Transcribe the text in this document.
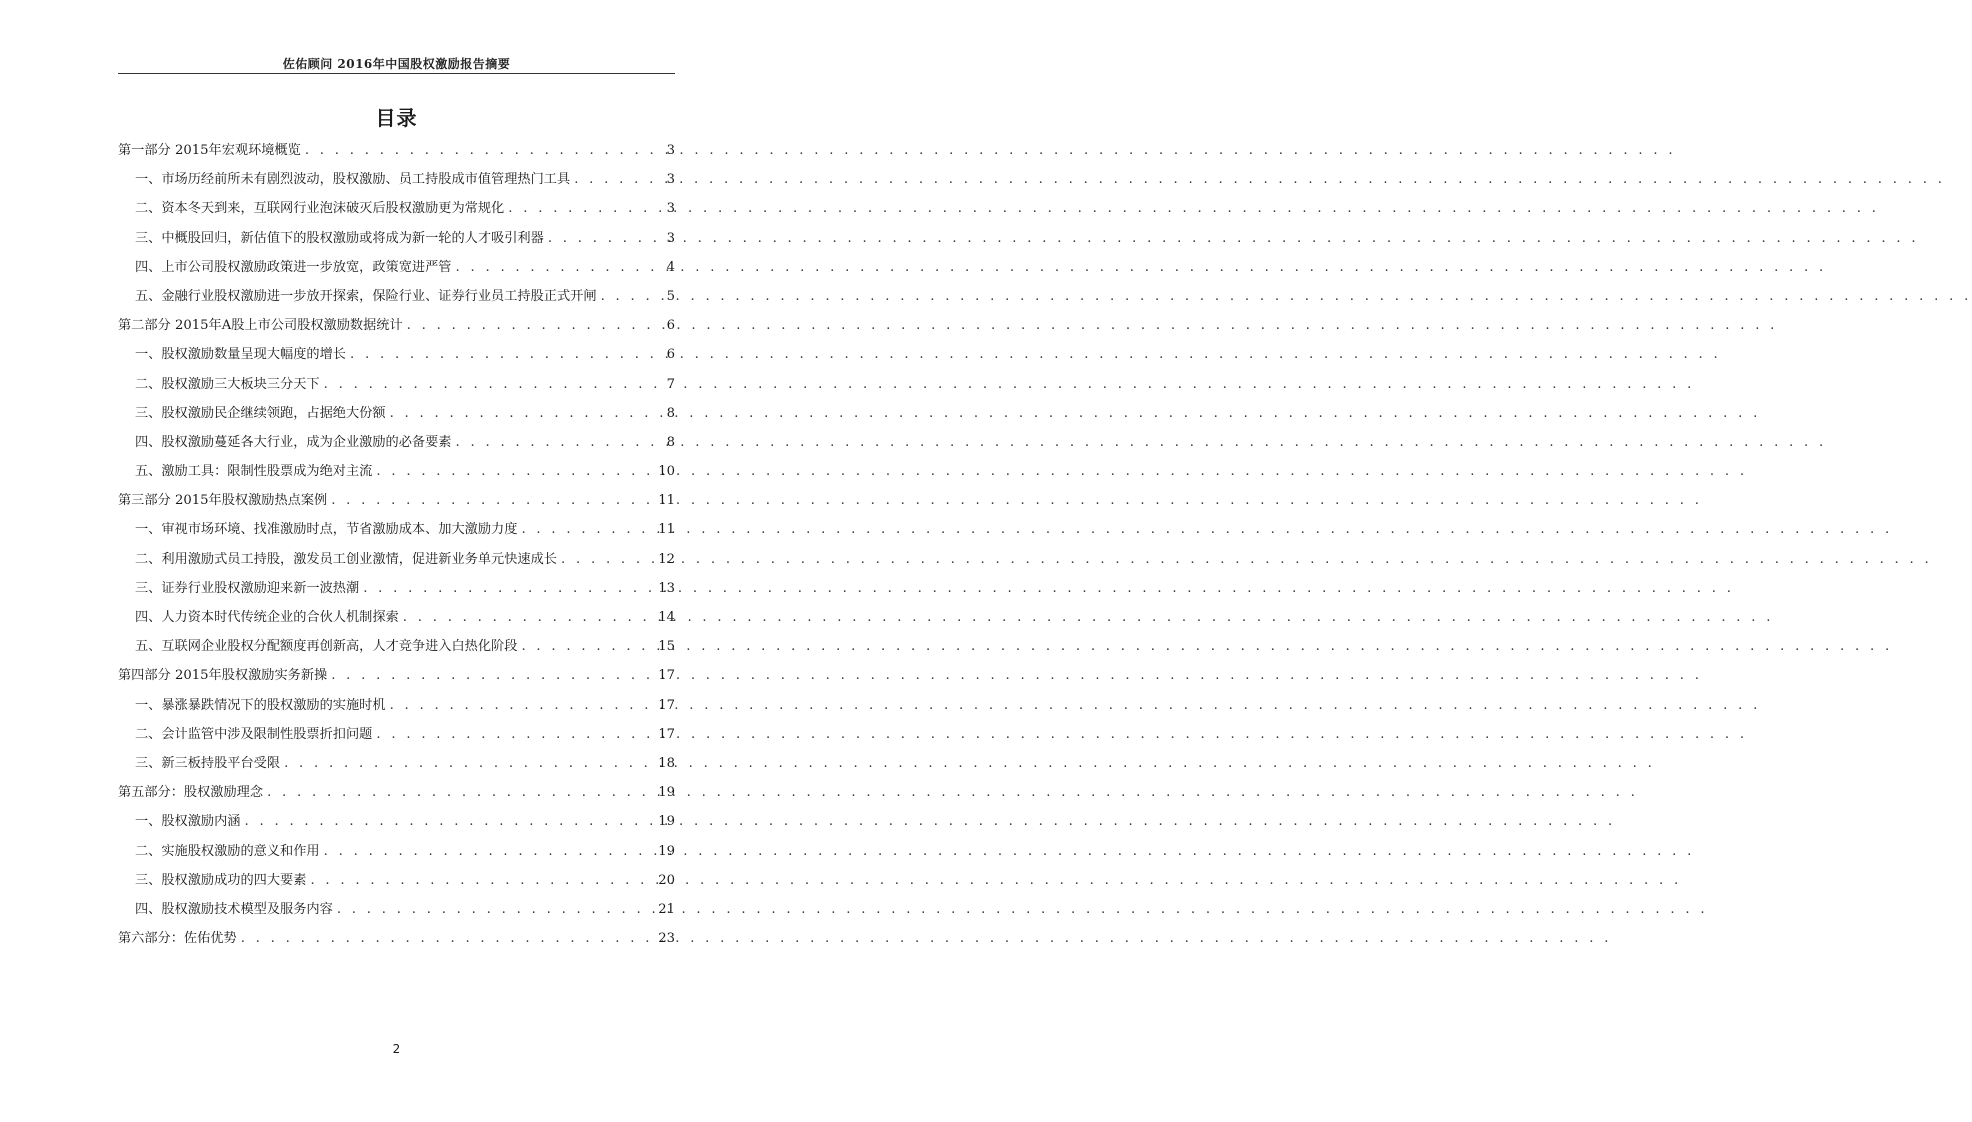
佐佑顾问 2016年中国股权激励报告摘要
目录
第一部分 2015年宏观环境概览 . . .	3
一、市场历经前所未有剧烈波动，股权激励、员工持股成市值管理热门工具 . . .	3
二、资本冬天到来，互联网行业泡沫破灭后股权激励更为常规化 . . .	3
三、中概股回归，新估值下的股权激励或将成为新一轮的人才吸引利器 . . .	3
四、上市公司股权激励政策进一步放宽，政策宽进严管 . . .	4
五、金融行业股权激励进一步放开探索，保险行业、证券行业员工持股正式开闸 . . .	5
第二部分 2015年A股上市公司股权激励数据统计 . . .	6
一、股权激励数量呈现大幅度的增长 . . .	6
二、股权激励三大板块三分天下 . . .	7
三、股权激励民企继续领跑，占据绝大份额 . . .	8
四、股权激励蔓延各大行业，成为企业激励的必备要素 . . .	8
五、激励工具：限制性股票成为绝对主流 . . .	10
第三部分 2015年股权激励热点案例 . . .	11
一、审视市场环境、找准激励时点，节省激励成本、加大激励力度 . . .	11
二、利用激励式员工持股，激发员工创业激情，促进新业务单元快速成长 . . .	12
三、证券行业股权激励迎来新一波热潮 . . .	13
四、人力资本时代传统企业的合伙人机制探索 . . .	14
五、互联网企业股权分配额度再创新高，人才竞争进入白热化阶段 . . .	15
第四部分 2015年股权激励实务新操 . . .	17
一、暴涨暴跌情况下的股权激励的实施时机 . . .	17
二、会计监管中涉及限制性股票折扣问题 . . .	17
三、新三板持股平台受限 . . .	18
第五部分：股权激励理念 . . .	19
一、股权激励内涵 . . .	19
二、实施股权激励的意义和作用 . . .	19
三、股权激励成功的四大要素 . . .	20
四、股权激励技术模型及服务内容 . . .	21
第六部分：佐佑优势 . . .	23
2
